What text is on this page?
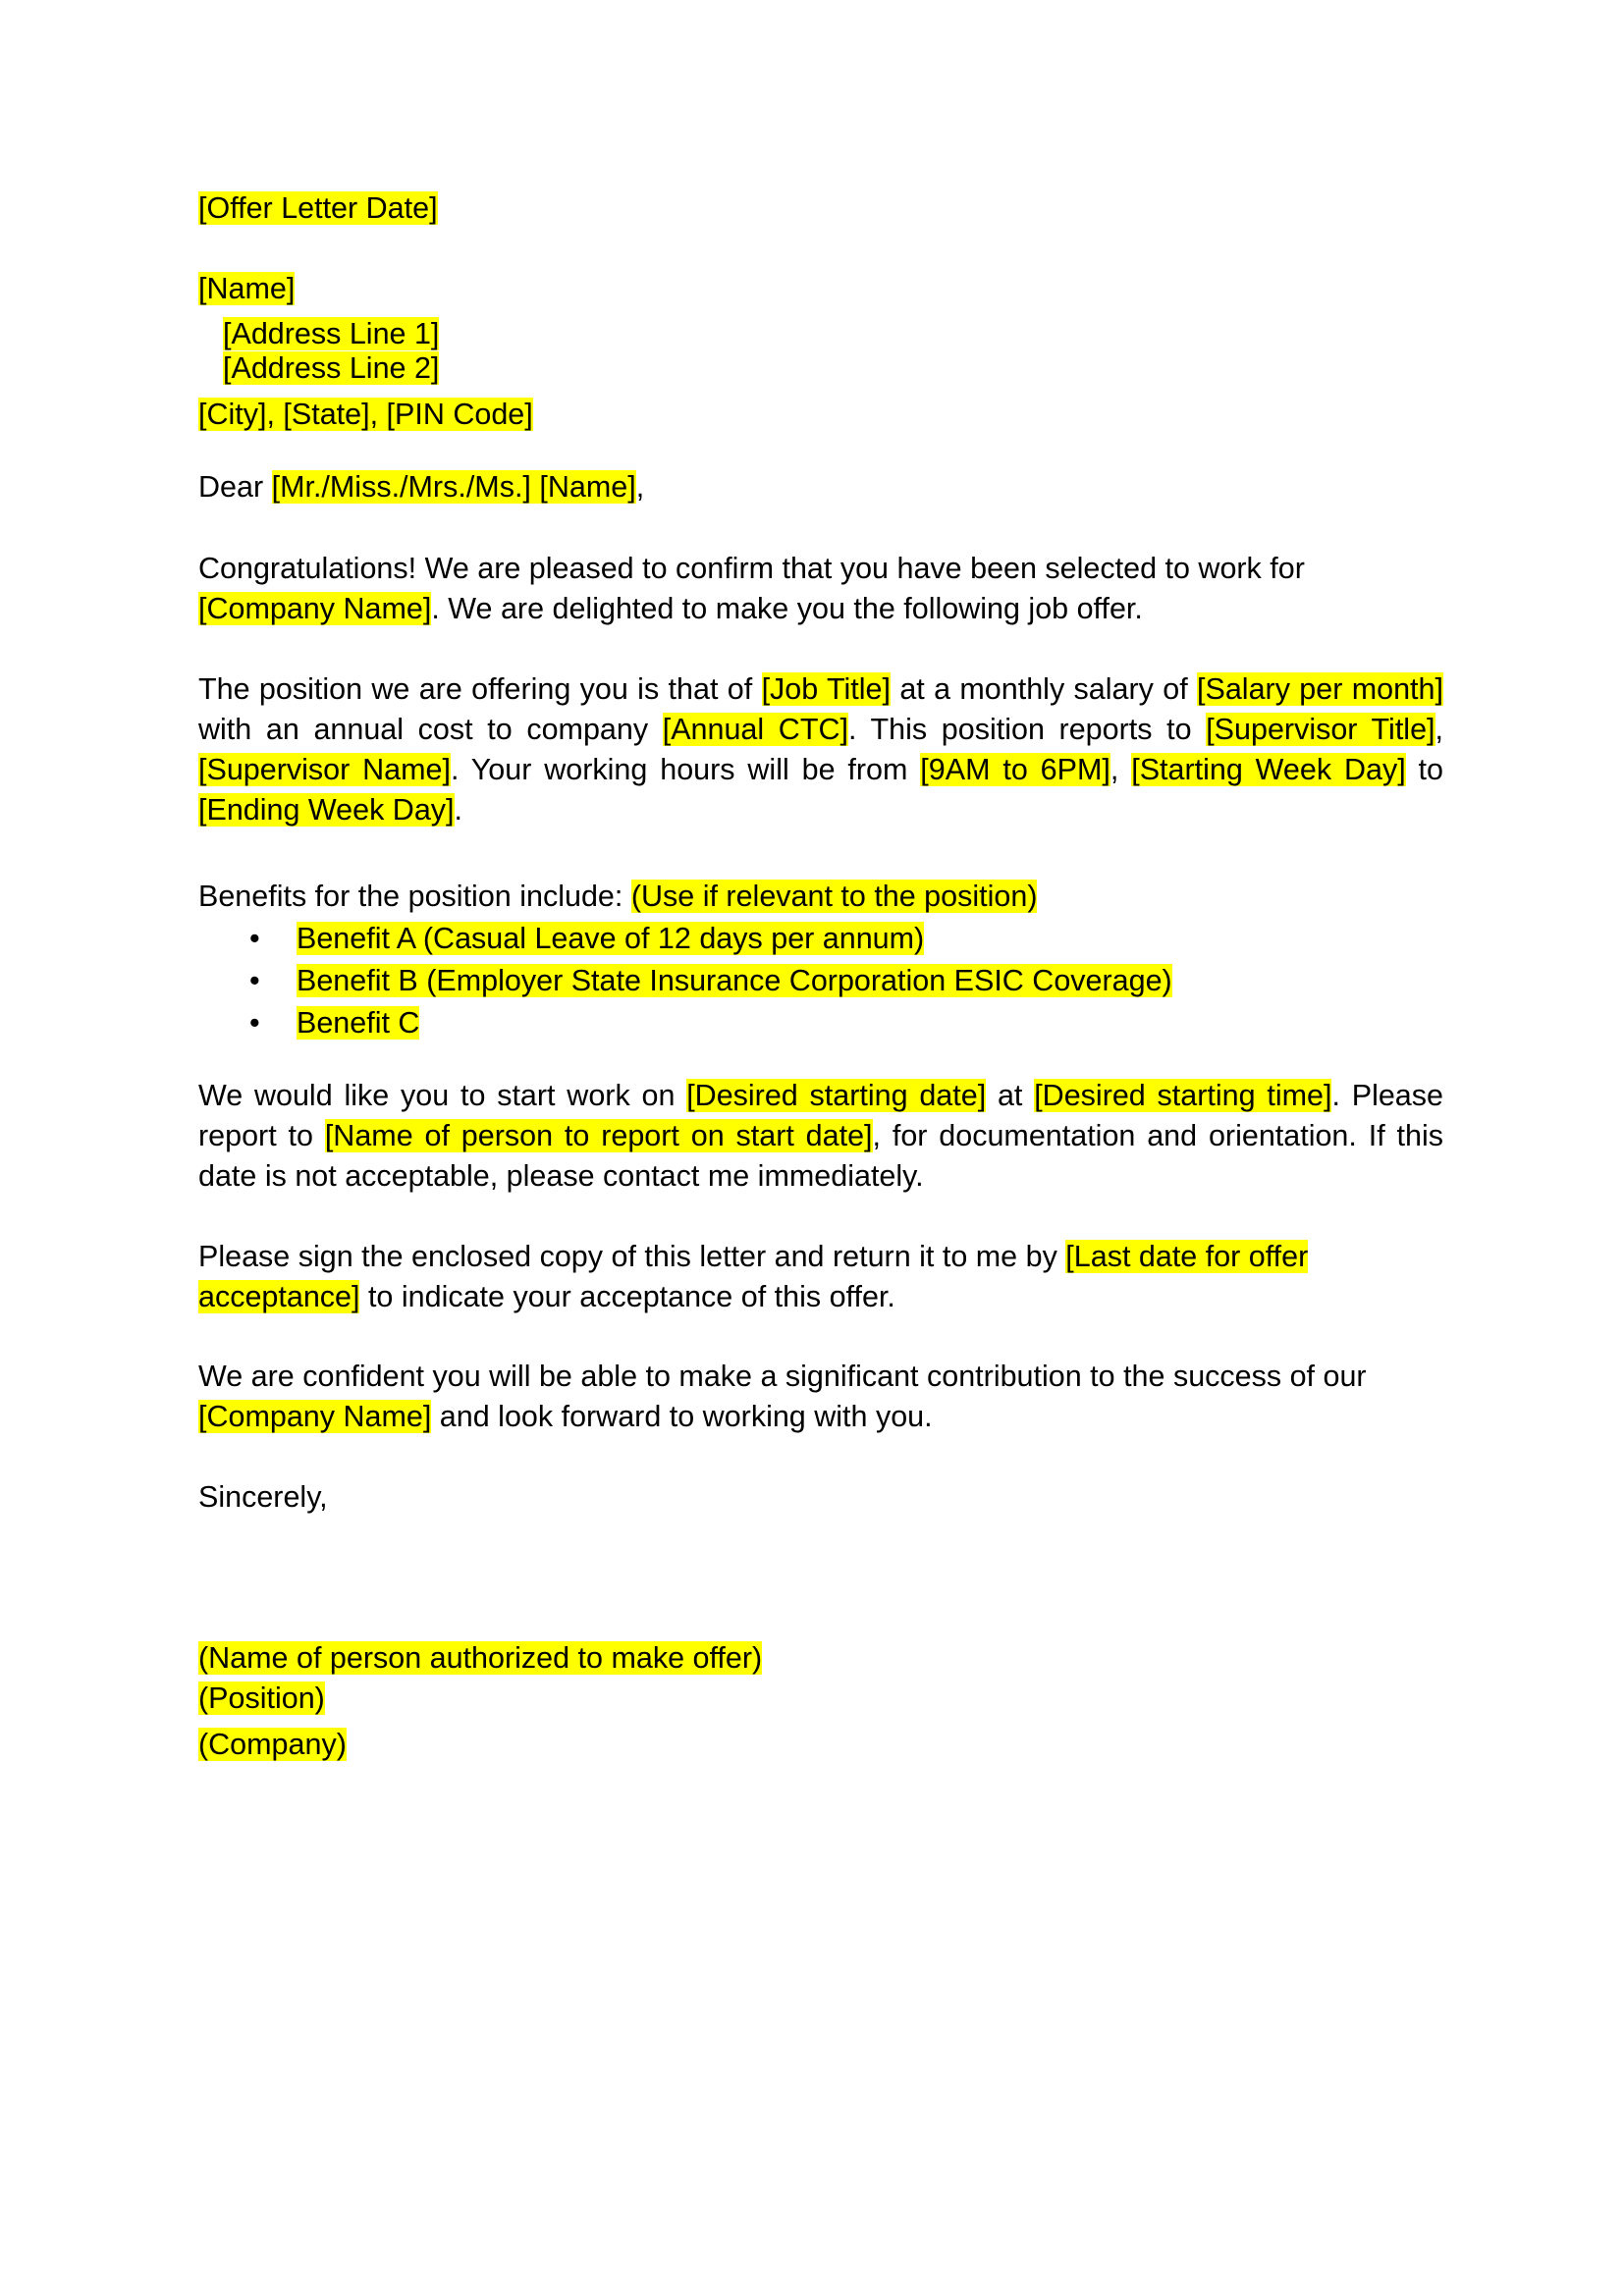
[Offer Letter Date]

[Name]

[Address Line 1]
[Address Line 2]

[City], [State], [PIN Code]

Dear [Mr./Miss./Mrs./Ms.] [Name],

Congratulations! We are pleased to confirm that you have been selected to work for [Company Name]. We are delighted to make you the following job offer.

The position we are offering you is that of [Job Title] at a monthly salary of [Salary per month] with an annual cost to company [Annual CTC]. This position reports to [Supervisor Title], [Supervisor Name]. Your working hours will be from [9AM to 6PM], [Starting Week Day] to [Ending Week Day].

Benefits for the position include: (Use if relevant to the position)

• Benefit A (Casual Leave of 12 days per annum)
• Benefit B (Employer State Insurance Corporation ESIC Coverage)
• Benefit C

We would like you to start work on [Desired starting date] at [Desired starting time]. Please report to [Name of person to report on start date], for documentation and orientation. If this date is not acceptable, please contact me immediately.

Please sign the enclosed copy of this letter and return it to me by [Last date for offer acceptance] to indicate your acceptance of this offer.

We are confident you will be able to make a significant contribution to the success of our [Company Name] and look forward to working with you.

Sincerely,

(Name of person authorized to make offer)

(Position)

(Company)
